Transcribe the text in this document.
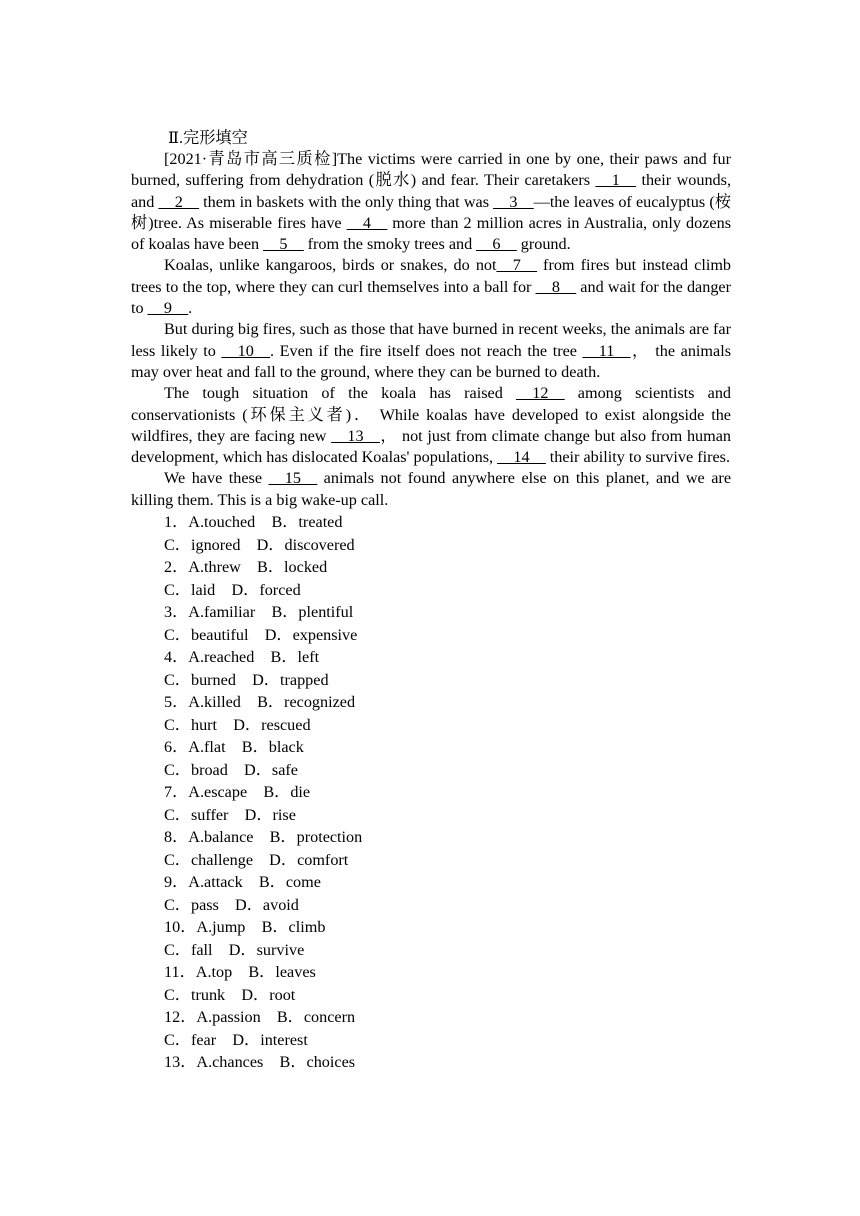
Ⅱ.完形填空

[2021·青岛市高三质检]The victims were carried in one by one, their paws and fur burned, suffering from dehydration (脱水) and fear. Their caretakers __1__ their wounds, and __2__ them in baskets with the only thing that was __3__—the leaves of eucalyptus (桉树)tree. As miserable fires have __4__ more than 2 million acres in Australia, only dozens of koalas have been __5__ from the smoky trees and __6__ ground.

Koalas, unlike kangaroos, birds or snakes, do not__7__ from fires but instead climb trees to the top, where they can curl themselves into a ball for __8__ and wait for the danger to __9__.

But during big fires, such as those that have burned in recent weeks, the animals are far less likely to __10__. Even if the fire itself does not reach the tree __11__， the animals may over heat and fall to the ground, where they can be burned to death.

The tough situation of the koala has raised __12__ among scientists and conservationists (环保主义者)． While koalas have developed to exist alongside the wildfires, they are facing new __13__， not just from climate change but also from human development, which has dislocated Koalas' populations, __14__ their ability to survive fires.

We have these __15__ animals not found anywhere else on this planet, and we are killing them. This is a big wake-up call.

1．A.touched　B．treated
C．ignored　D．discovered
2．A.threw　B．locked
C．laid　D．forced
3．A.familiar　B．plentiful
C．beautiful　D．expensive
4．A.reached　B．left
C．burned　D．trapped
5．A.killed　B．recognized
C．hurt　D．rescued
6．A.flat　B．black
C．broad　D．safe
7．A.escape　B．die
C．suffer　D．rise
8．A.balance　B．protection
C．challenge　D．comfort
9．A.attack　B．come
C．pass　D．avoid
10．A.jump　B．climb
C．fall　D．survive
11．A.top　B．leaves
C．trunk　D．root
12．A.passion　B．concern
C．fear　D．interest
13．A.chances　B．choices
